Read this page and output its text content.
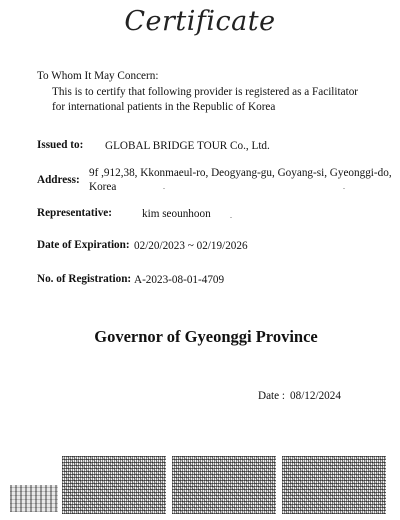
Certificate
To Whom It May Concern:
This is to certify that following provider is registered as a Facilitator
for international patients in the Republic of Korea
Issued to: GLOBAL BRIDGE TOUR Co., Ltd.
Address:
9f ,912,38, Kkonmaeul-ro, Deogyang-gu, Goyang-si, Gyeonggi-do,
Korea
Representative:	kim seounhoon
Date of Expiration: 02/20/2023 ~ 02/19/2026
No. of Registration: A-2023-08-01-4709
Governor of Gyeonggi Province
Date : 08/12/2024
